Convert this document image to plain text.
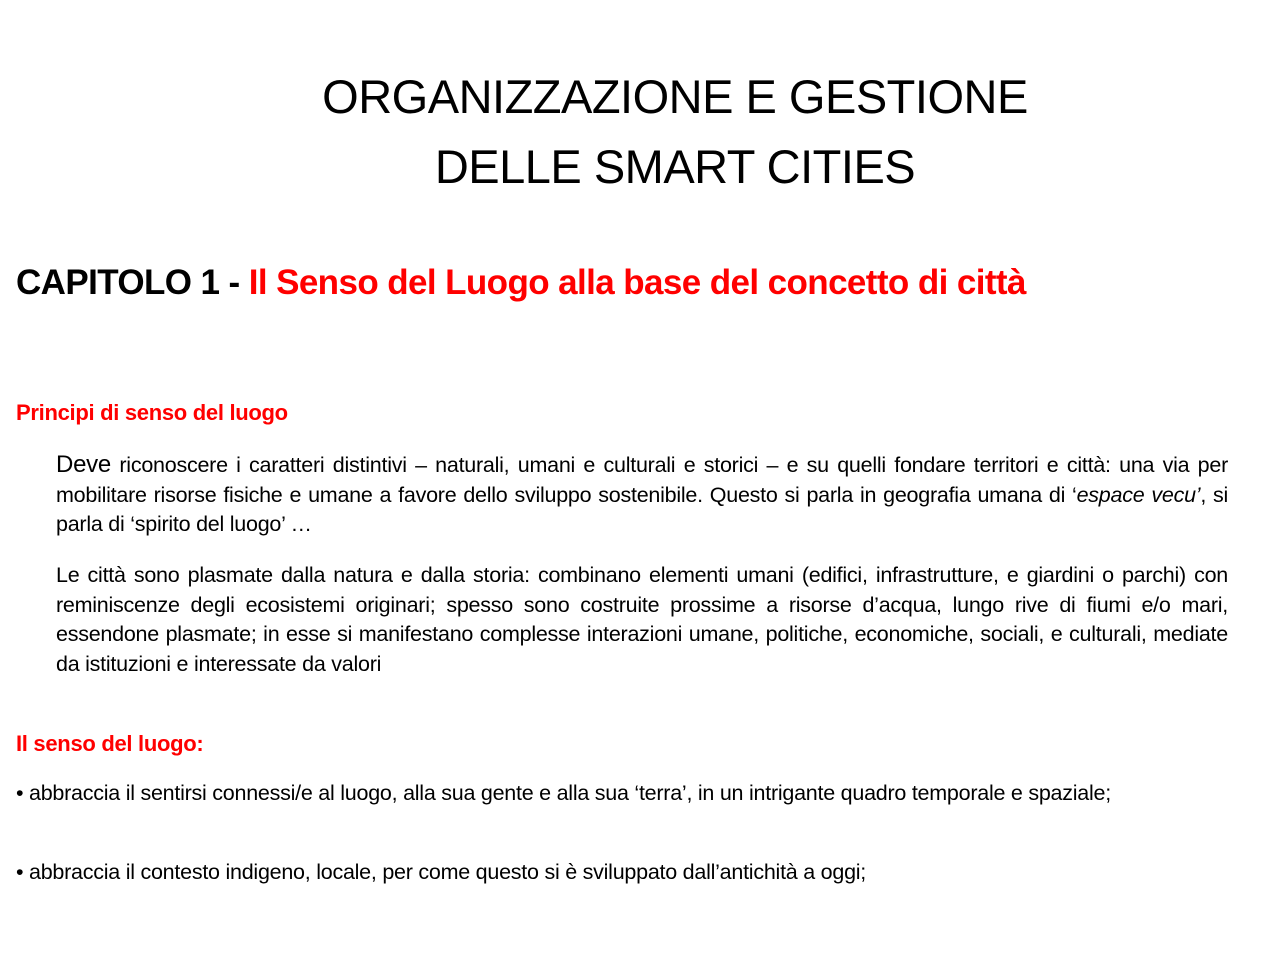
ORGANIZZAZIONE E GESTIONE
DELLE SMART CITIES
CAPITOLO 1 - Il Senso del Luogo alla base del concetto di città
Principi di senso del luogo

Deve riconoscere i caratteri distintivi – naturali, umani e culturali e storici – e su quelli fondare territori e città: una via per mobilitare risorse fisiche e umane a favore dello sviluppo sostenibile. Questo si parla in geografia umana di ‘espace vecu’, si parla di ‘spirito del luogo’ …

Le città sono plasmate dalla natura e dalla storia: combinano elementi umani (edifici, infrastrutture, e giardini o parchi) con reminiscenze degli ecosistemi originari; spesso sono costruite prossime a risorse d’acqua, lungo rive di fiumi e/o mari, essendone plasmate; in esse si manifestano complesse interazioni umane, politiche, economiche, sociali, e culturali, mediate da istituzioni e interessate da valori

Il senso del luogo:

• abbraccia il sentirsi connessi/e al luogo, alla sua gente e alla sua ‘terra’, in un intrigante quadro temporale e spaziale;

• abbraccia il contesto indigeno, locale, per come questo si è sviluppato dall’antichità a oggi;
